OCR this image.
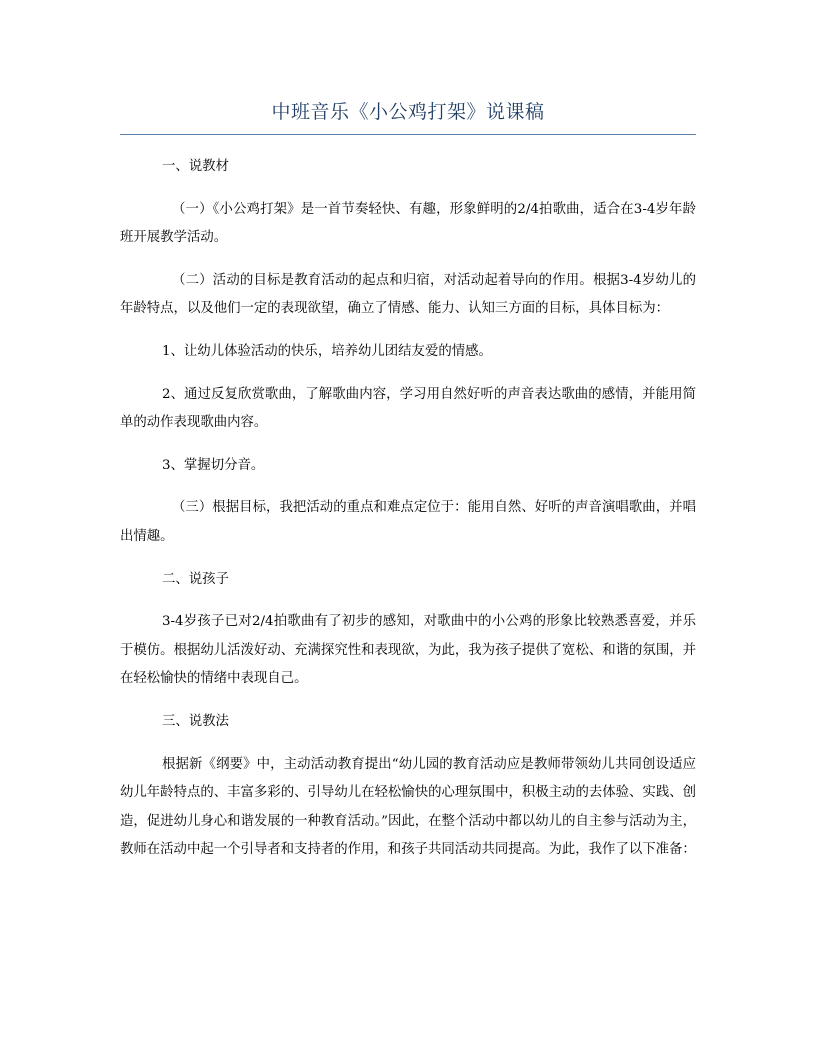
中班音乐《小公鸡打架》说课稿

一、说教材

（一）《小公鸡打架》是一首节奏轻快、有趣，形象鲜明的2/4拍歌曲，适合在3-4岁年龄班开展教学活动。

（二）活动的目标是教育活动的起点和归宿，对活动起着导向的作用。根据3-4岁幼儿的年龄特点，以及他们一定的表现欲望，确立了情感、能力、认知三方面的目标，具体目标为：

1、让幼儿体验活动的快乐，培养幼儿团结友爱的情感。

2、通过反复欣赏歌曲，了解歌曲内容，学习用自然好听的声音表达歌曲的感情，并能用简单的动作表现歌曲内容。

3、掌握切分音。

（三）根据目标，我把活动的重点和难点定位于：能用自然、好听的声音演唱歌曲，并唱出情趣。

二、说孩子

3-4岁孩子已对2/4拍歌曲有了初步的感知，对歌曲中的小公鸡的形象比较熟悉喜爱，并乐于模仿。根据幼儿活泼好动、充满探究性和表现欲，为此，我为孩子提供了宽松、和谐的氛围，并在轻松愉快的情绪中表现自己。

三、说教法

根据新《纲要》中，主动活动教育提出“幼儿园的教育活动应是教师带领幼儿共同创设适应幼儿年龄特点的、丰富多彩的、引导幼儿在轻松愉快的心理氛围中，积极主动的去体验、实践、创造，促进幼儿身心和谐发展的一种教育活动。”因此，在整个活动中都以幼儿的自主参与活动为主，教师在活动中起一个引导者和支持者的作用，和孩子共同活动共同提高。为此，我作了以下准备：
